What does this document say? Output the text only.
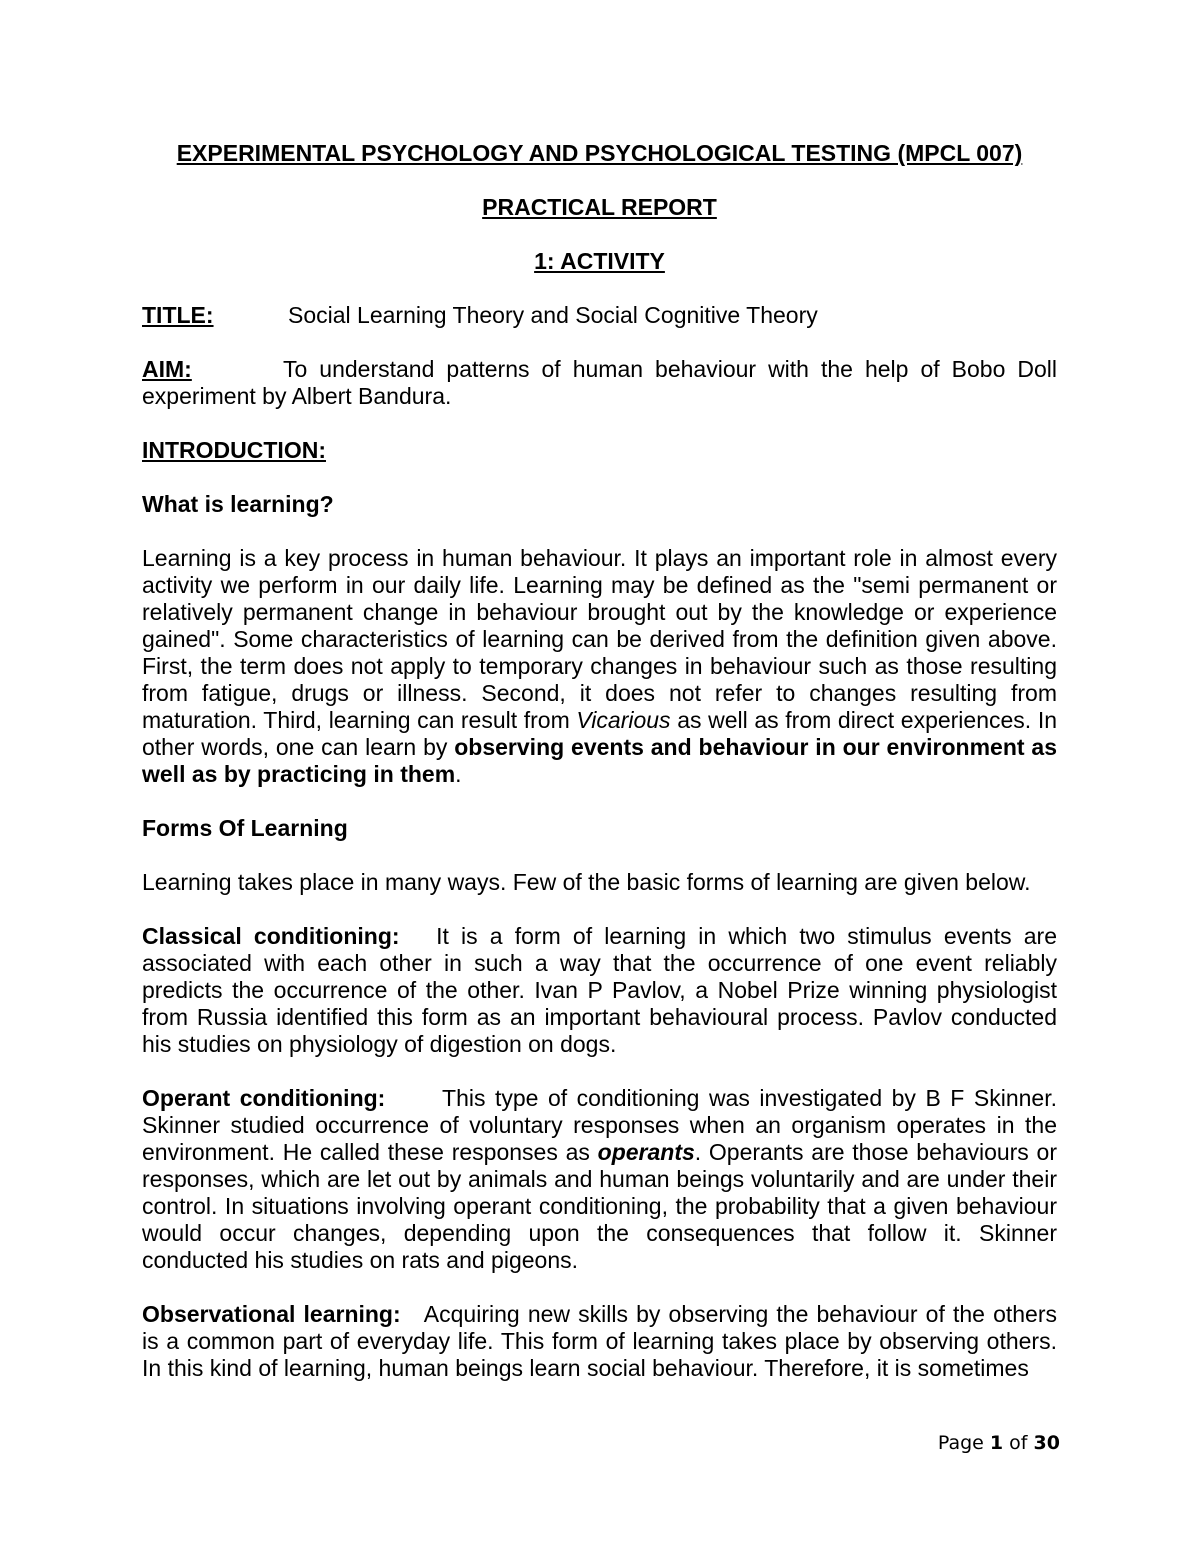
EXPERIMENTAL PSYCHOLOGY AND PSYCHOLOGICAL TESTING (MPCL 007)

PRACTICAL REPORT

1: ACTIVITY

TITLE:	Social Learning Theory and Social Cognitive Theory

AIM:	To understand patterns of human behaviour with the help of Bobo Doll experiment by Albert Bandura.

INTRODUCTION:

What is learning?

Learning is a key process in human behaviour. It plays an important role in almost every activity we perform in our daily life. Learning may be defined as the "semi permanent or relatively permanent change in behaviour brought out by the knowledge or experience gained". Some characteristics of learning can be derived from the definition given above. First, the term does not apply to temporary changes in behaviour such as those resulting from fatigue, drugs or illness. Second, it does not refer to changes resulting from maturation. Third, learning can result from Vicarious as well as from direct experiences. In other words, one can learn by observing events and behaviour in our environment as well as by practicing in them.

Forms Of Learning

Learning takes place in many ways. Few of the basic forms of learning are given below.

Classical conditioning: It is a form of learning in which two stimulus events are associated with each other in such a way that the occurrence of one event reliably predicts the occurrence of the other. Ivan P Pavlov, a Nobel Prize winning physiologist from Russia identified this form as an important behavioural process. Pavlov conducted his studies on physiology of digestion on dogs.

Operant conditioning: This type of conditioning was investigated by B F Skinner. Skinner studied occurrence of voluntary responses when an organism operates in the environment. He called these responses as operants. Operants are those behaviours or responses, which are let out by animals and human beings voluntarily and are under their control. In situations involving operant conditioning, the probability that a given behaviour would occur changes, depending upon the consequences that follow it. Skinner conducted his studies on rats and pigeons.

Observational learning: Acquiring new skills by observing the behaviour of the others is a common part of everyday life. This form of learning takes place by observing others. In this kind of learning, human beings learn social behaviour. Therefore, it is sometimes

Page 1 of 30
